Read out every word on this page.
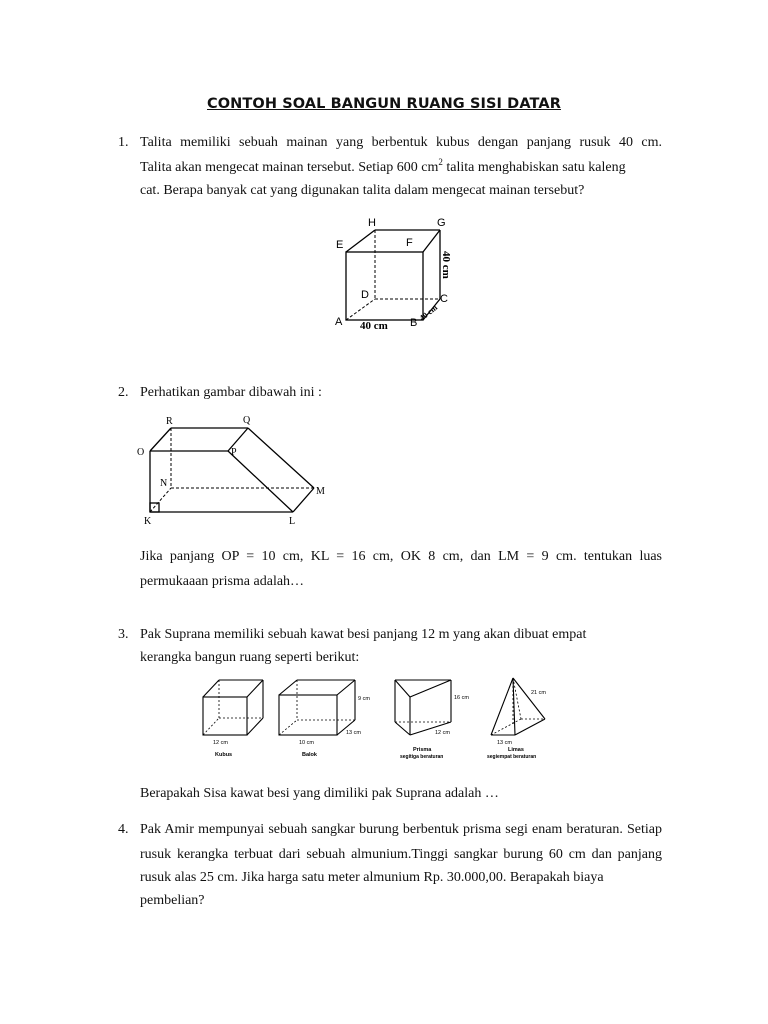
CONTOH SOAL BANGUN RUANG SISI DATAR
1. Talita memiliki sebuah mainan yang berbentuk kubus dengan panjang rusuk 40 cm.
Talita akan mengecat mainan tersebut. Setiap 600 $cm^2$ talita menghabiskan satu kaleng
cat. Berapa banyak cat yang digunakan talita dalam mengecat mainan tersebut?
H	G
E	F
D	C
A	B
40 cm
40 cm
40 cm
2. Perhatikan gambar dibawah ini :
R	Q
O	P
N
M
K	L
Jika panjang OP = 10 cm, KL = 16 cm, OK 8 cm, dan LM = 9 cm. tentukan luas
permukaaan prisma adalah…
3. Pak Suprana memiliki sebuah kawat besi panjang 12 m yang akan dibuat empat
kerangka bangun ruang seperti berikut:
12 cm
Kubus
10 cm
9 cm
13 cm
Balok
16 cm
12 cm
Prisma
segitiga beraturan
21 cm
13 cm
Limas
segiempat beraturan
Berapakah Sisa kawat besi yang dimiliki pak Suprana adalah …
4. Pak Amir mempunyai sebuah sangkar burung berbentuk prisma segi enam beraturan. Setiap
rusuk kerangka terbuat dari sebuah almunium.Tinggi sangkar burung 60 cm dan panjang
rusuk alas 25 cm. Jika harga satu meter almunium Rp. 30.000,00. Berapakah biaya
pembelian?
